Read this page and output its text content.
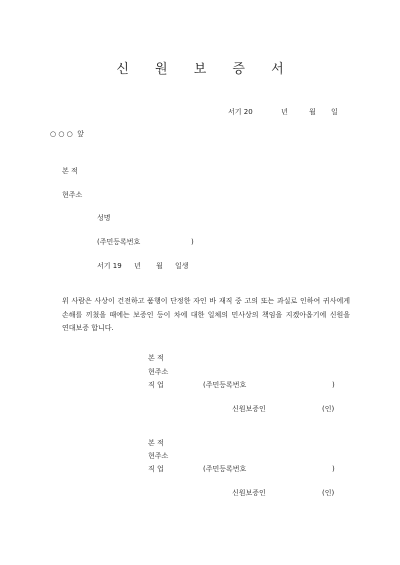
신 원 보 증 서
서기 20	년	월 일
○ ○ ○  앞
본 적
현주소
성명
(주민등록번호	)
서기 19 년 월 일생
위 사람은 사상이 건전하고 품행이 단정한 자인 바 재직 중 고의 또는 과실로 인하여 귀사에게 손해를 끼쳤을 때에는 보증인 등이 차에 대한 일체의 민사상의 책임을 지겠아옵기에 신원을 연대보증 합니다.
본 적
현주소
직 업	(주민등록번호	)
신원보증인	(인)
본 적
현주소
직 업	(주민등록번호	)
신원보증인	(인)
